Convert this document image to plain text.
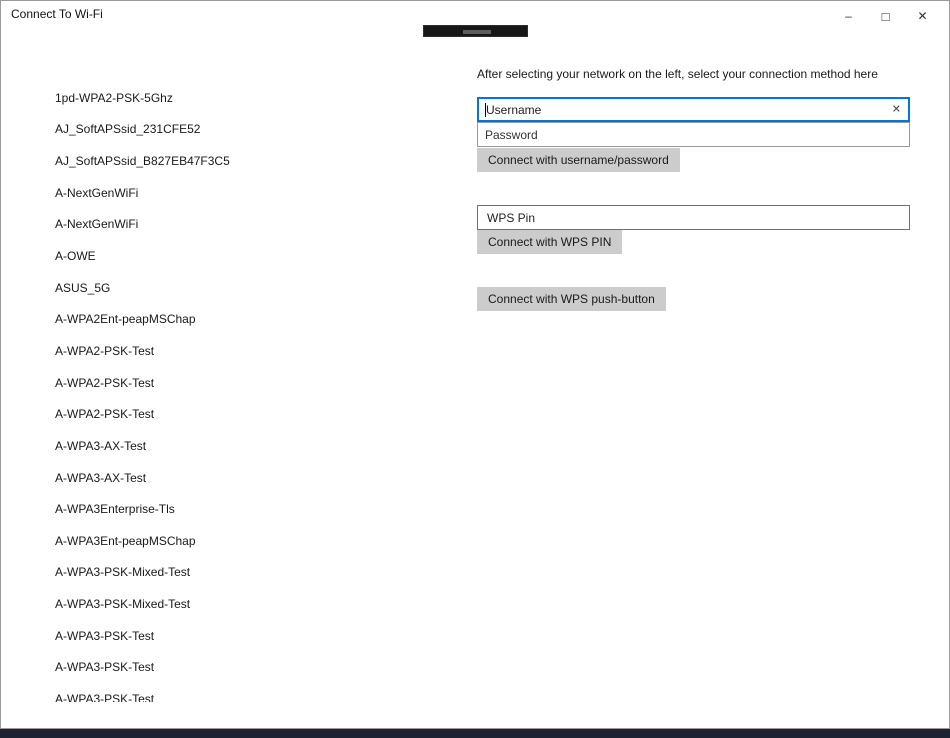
Connect To Wi-Fi	–	□	✕
1pd-WPA2-PSK-5Ghz
AJ_SoftAPSsid_231CFE52
AJ_SoftAPSsid_B827EB47F3C5
A-NextGenWiFi
A-NextGenWiFi
A-OWE
ASUS_5G
A-WPA2Ent-peapMSChap
A-WPA2-PSK-Test
A-WPA2-PSK-Test
A-WPA2-PSK-Test
A-WPA3-AX-Test
A-WPA3-AX-Test
A-WPA3Enterprise-Tls
A-WPA3Ent-peapMSChap
A-WPA3-PSK-Mixed-Test
A-WPA3-PSK-Mixed-Test
A-WPA3-PSK-Test
A-WPA3-PSK-Test
A-WPA3-PSK-Test
After selecting your network on the left, select your connection method here
Username
✕
Password
Connect with username/password
WPS Pin
Connect with WPS PIN
Connect with WPS push-button
